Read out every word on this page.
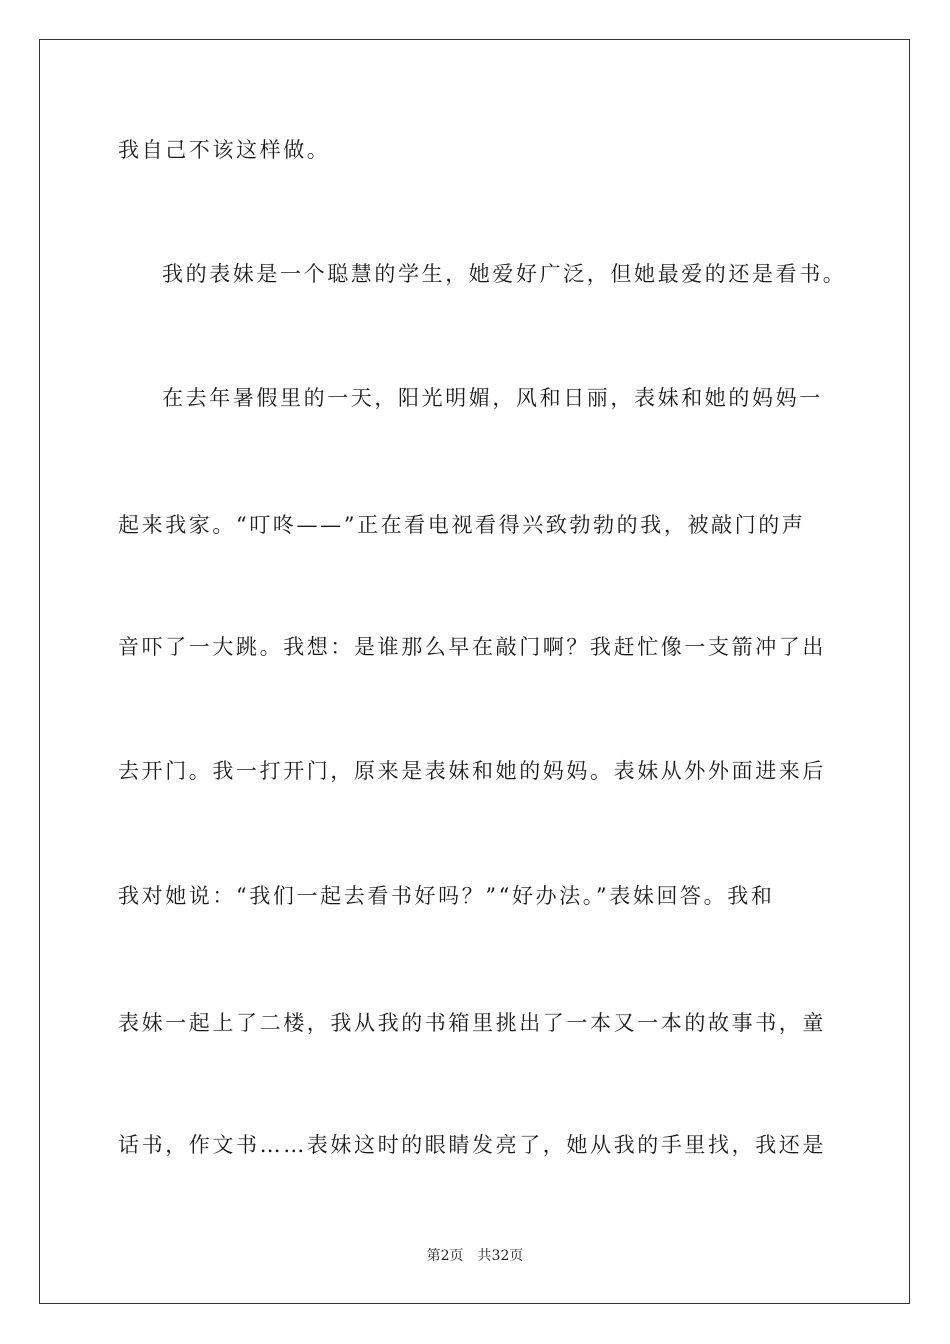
我自己不该这样做。
我的表妹是一个聪慧的学生，她爱好广泛，但她最爱的还是看书。
在去年暑假里的一天，阳光明媚，风和日丽，表妹和她的妈妈一
起来我家。“叮咚——”正在看电视看得兴致勃勃的我，被敲门的声
音吓了一大跳。我想：是谁那么早在敲门啊？我赶忙像一支箭冲了出
去开门。我一打开门，原来是表妹和她的妈妈。表妹从外外面进来后
我对她说：“我们一起去看书好吗？”“好办法。”表妹回答。我和
表妹一起上了二楼，我从我的书箱里挑出了一本又一本的故事书，童
话书，作文书……表妹这时的眼睛发亮了，她从我的手里找，我还是
第2页 共32页
